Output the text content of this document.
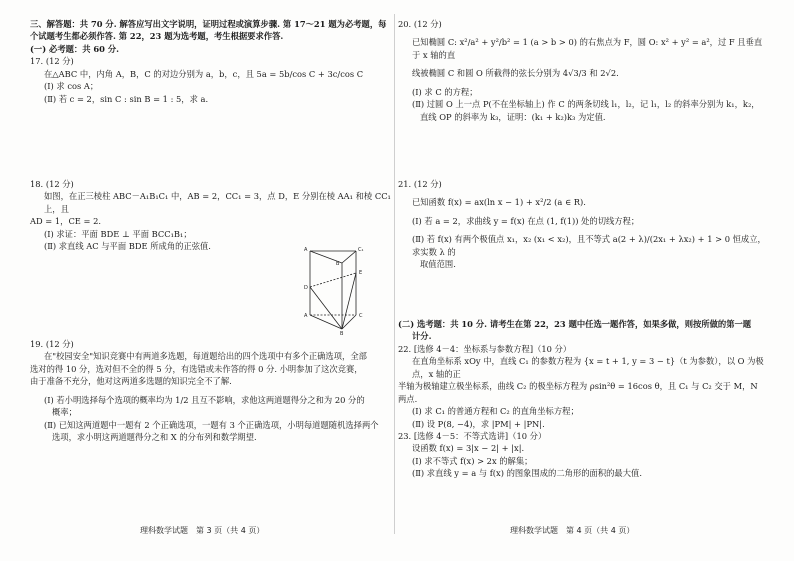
三、解答题：共 70 分. 解答应写出文字说明，证明过程或演算步骤. 第 17～21 题为必考题，每个试题考生都必须作答. 第 22，23 题为选考题，考生根据要求作答.

(一) 必考题：共 60 分.

17. (12 分)

在△ABC 中，内角 A，B，C 的对边分别为 a，b，c，且 5a = 5b/cos C + 3c/cos C

(Ⅰ) 求 cos A；

(Ⅱ) 若 c = 2，sin C : sin B = 1 : 5，求 a.

18. (12 分)

如图，在正三棱柱 ABC－A₁B₁C₁ 中，AB = 2，CC₁ = 3，点 D，E 分别在棱 AA₁ 和棱 CC₁ 上，且

AD = 1，CE = 2.

(Ⅰ) 求证：平面 BDE ⊥ 平面 BCC₁B₁；

(Ⅱ) 求直线 AC 与平面 BDE 所成角的正弦值.	A	C₁
B
E
D
A	C
B

19. (12 分)

在"校园安全"知识竞赛中有两道多选题，每道题给出的四个选项中有多个正确选项，全部

选对的得 10 分，选对但不全的得 5 分，有选错或未作答的得 0 分. 小明参加了这次竞赛，

由于准备不充分，他对这两道多选题的知识完全不了解.

(Ⅰ) 若小明选择每个选项的概率均为 1/2 且互不影响，求他这两道题得分之和为 20 分的

概率；

(Ⅱ) 已知这两道题中一题有 2 个正确选项，一题有 3 个正确选项，小明每道题随机选择两个

选项，求小明这两道题得分之和 X 的分布列和数学期望.

理科数学试题　第 3 页（共 4 页）

20. (12 分)

已知椭圆 C: x²/a² + y²/b² = 1 (a > b > 0) 的右焦点为 F，圆 O: x² + y² = a²，过 F 且垂直于 x 轴的直

线被椭圆 C 和圆 O 所截得的弦长分别为 4√3/3 和 2√2.

(Ⅰ) 求 C 的方程；

(Ⅱ) 过圆 O 上一点 P(不在坐标轴上) 作 C 的两条切线 l₁，l₂，记 l₁，l₂ 的斜率分别为 k₁，k₂，

直线 OP 的斜率为 k₃，证明：(k₁ + k₂)k₃ 为定值.

21. (12 分)

已知函数 f(x) = ax(ln x − 1) + x²/2 (a ∈ R).

(Ⅰ) 若 a = 2，求曲线 y = f(x) 在点 (1, f(1)) 处的切线方程；

(Ⅱ) 若 f(x) 有两个极值点 x₁，x₂ (x₁ < x₂)，且不等式 a(2 + λ)/(2x₁ + λx₂) + 1 > 0 恒成立，求实数 λ 的

取值范围.

(二) 选考题：共 10 分. 请考生在第 22，23 题中任选一题作答，如果多做，则按所做的第一题

计分.

22. [选修 4－4：坐标系与参数方程]（10 分）

在直角坐标系 xOy 中，直线 C₁ 的参数方程为 {x = t + 1, y = 3 − t}（t 为参数），以 O 为极点，x 轴的正

半轴为极轴建立极坐标系，曲线 C₂ 的极坐标方程为 ρsin²θ = 16cos θ，且 C₁ 与 C₂ 交于 M，N

两点.

(Ⅰ) 求 C₁ 的普通方程和 C₂ 的直角坐标方程；

(Ⅱ) 设 P(8, −4)，求 |PM| + |PN|.

23. [选修 4－5：不等式选讲]（10 分）

设函数 f(x) = 3|x − 2| + |x|.

(Ⅰ) 求不等式 f(x) > 2x 的解集；

(Ⅱ) 求直线 y = a 与 f(x) 的图象围成的二角形的面积的最大值.

理科数学试题　第 4 页（共 4 页）
